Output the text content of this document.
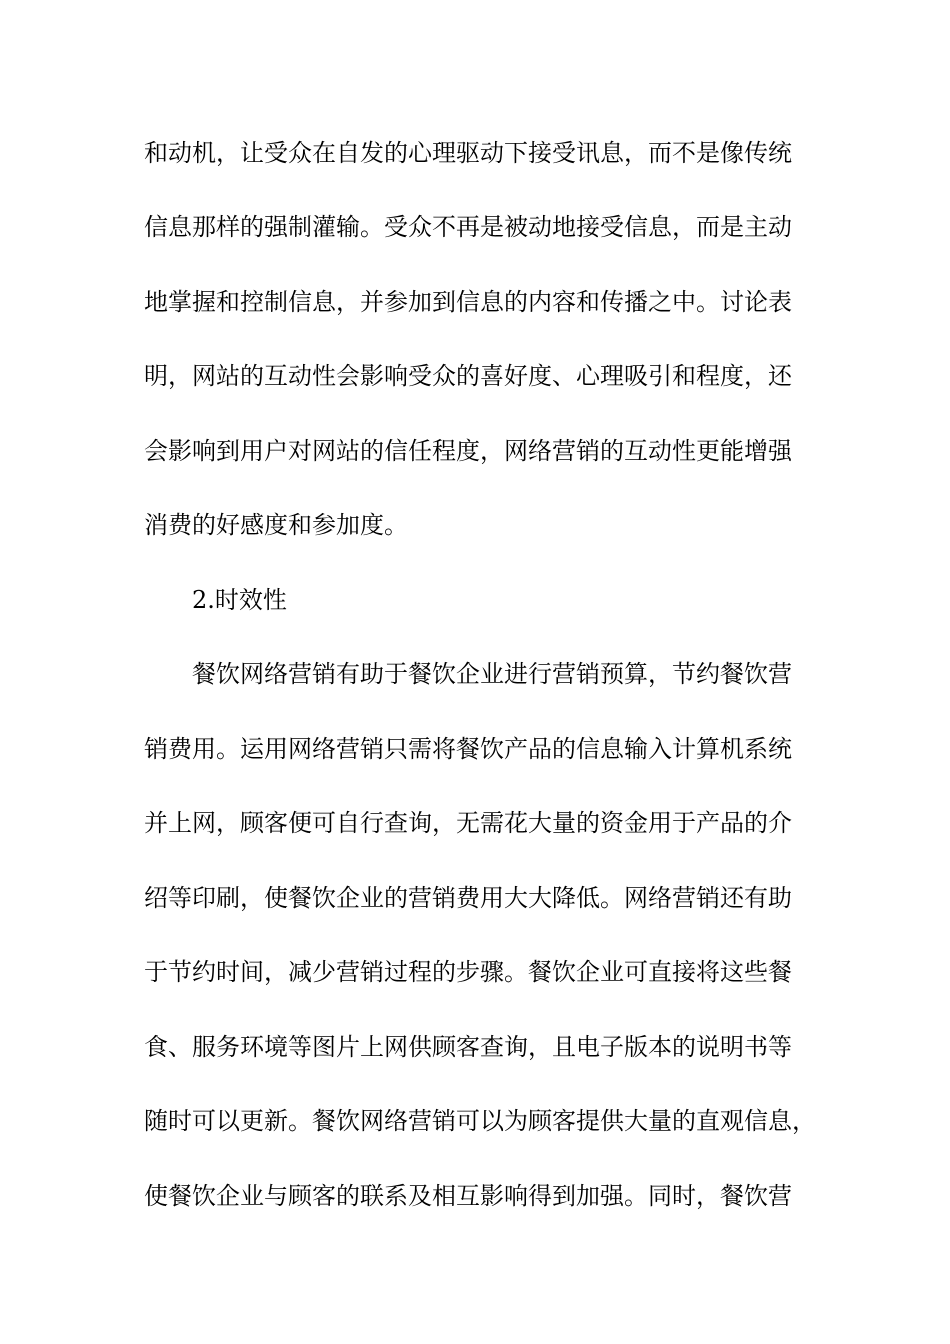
和动机，让受众在自发的心理驱动下接受讯息，而不是像传统
信息那样的强制灌输。受众不再是被动地接受信息，而是主动
地掌握和控制信息，并参加到信息的内容和传播之中。讨论表
明，网站的互动性会影响受众的喜好度、心理吸引和程度，还
会影响到用户对网站的信任程度，网络营销的互动性更能增强
消费的好感度和参加度。
2.时效性
餐饮网络营销有助于餐饮企业进行营销预算，节约餐饮营
销费用。运用网络营销只需将餐饮产品的信息输入计算机系统
并上网，顾客便可自行查询，无需花大量的资金用于产品的介
绍等印刷，使餐饮企业的营销费用大大降低。网络营销还有助
于节约时间，减少营销过程的步骤。餐饮企业可直接将这些餐
食、服务环境等图片上网供顾客查询，且电子版本的说明书等
随时可以更新。餐饮网络营销可以为顾客提供大量的直观信息，
使餐饮企业与顾客的联系及相互影响得到加强。同时，餐饮营
